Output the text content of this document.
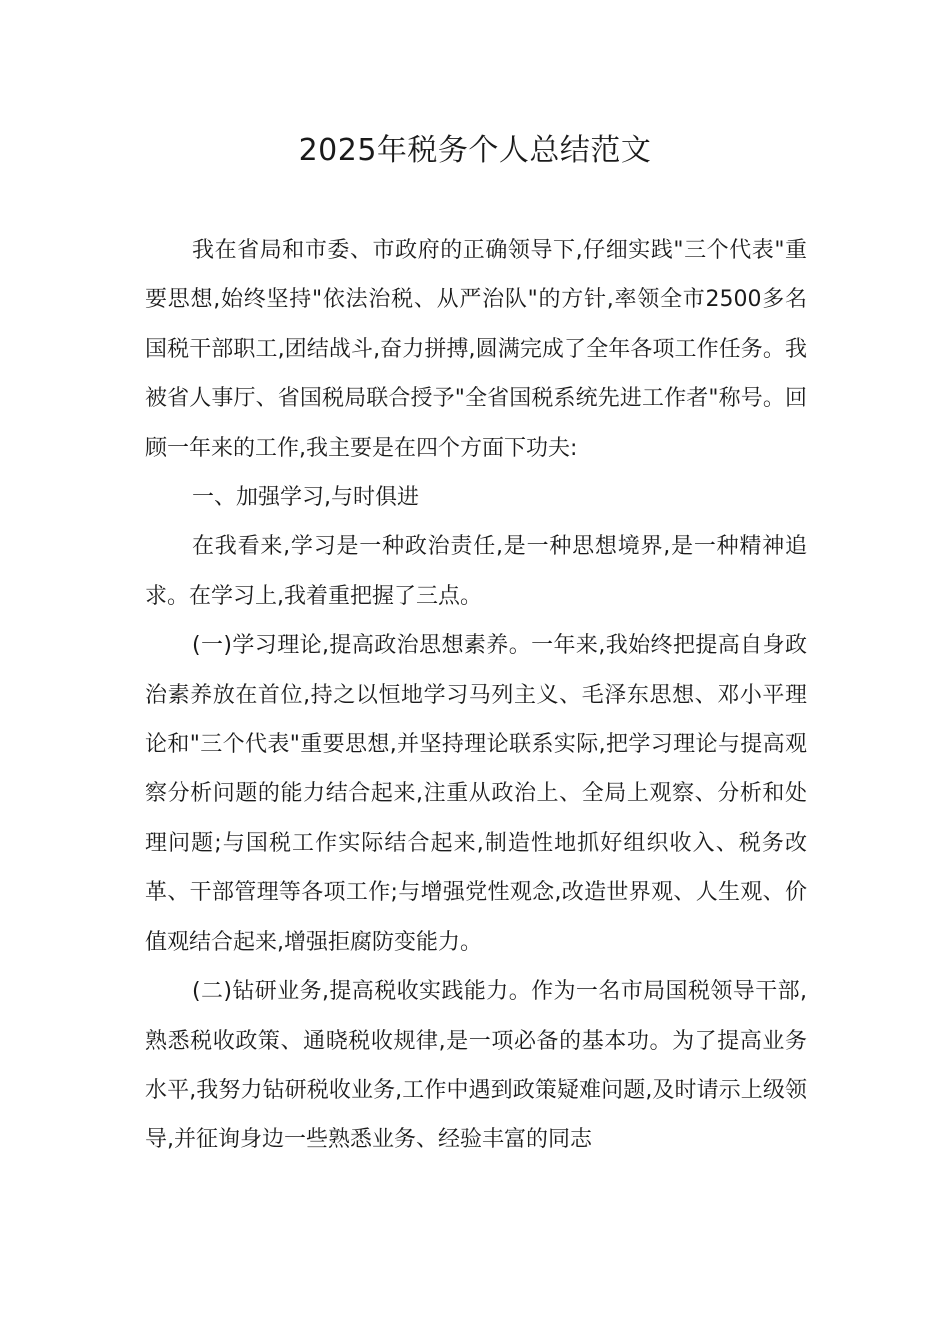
2025年税务个人总结范文

我在省局和市委、市政府的正确领导下,仔细实践"三个代表"重要思想,始终坚持"依法治税、从严治队"的方针,率领全市2500多名国税干部职工,团结战斗,奋力拼搏,圆满完成了全年各项工作任务。我被省人事厅、省国税局联合授予"全省国税系统先进工作者"称号。回顾一年来的工作,我主要是在四个方面下功夫:

一、加强学习,与时俱进

在我看来,学习是一种政治责任,是一种思想境界,是一种精神追求。在学习上,我着重把握了三点。

(一)学习理论,提高政治思想素养。一年来,我始终把提高自身政治素养放在首位,持之以恒地学习马列主义、毛泽东思想、邓小平理论和"三个代表"重要思想,并坚持理论联系实际,把学习理论与提高观察分析问题的能力结合起来,注重从政治上、全局上观察、分析和处理问题;与国税工作实际结合起来,制造性地抓好组织收入、税务改革、干部管理等各项工作;与增强党性观念,改造世界观、人生观、价值观结合起来,增强拒腐防变能力。

(二)钻研业务,提高税收实践能力。作为一名市局国税领导干部,熟悉税收政策、通晓税收规律,是一项必备的基本功。为了提高业务水平,我努力钻研税收业务,工作中遇到政策疑难问题,及时请示上级领导,并征询身边一些熟悉业务、经验丰富的同志
